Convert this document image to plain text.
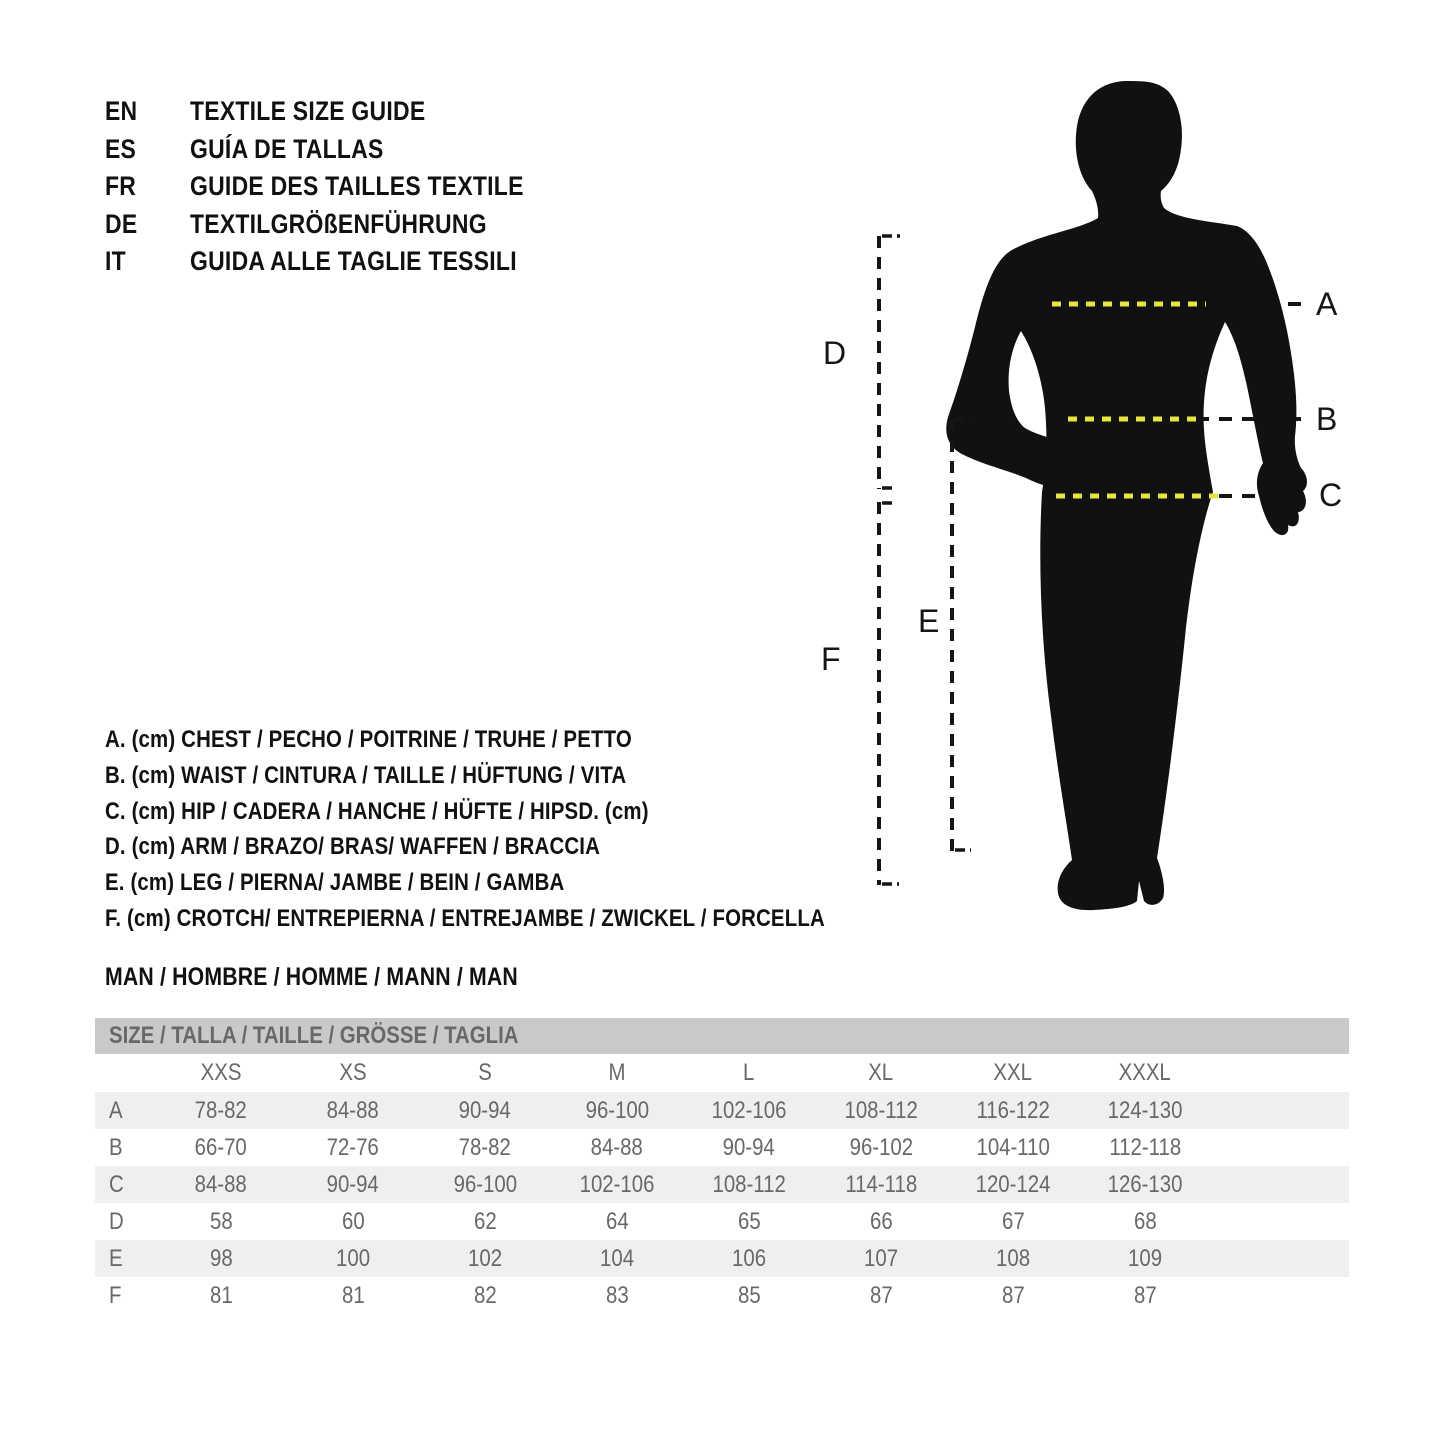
EN TEXTILE SIZE GUIDE
ES GUÍA DE TALLAS
FR GUIDE DES TAILLES TEXTILE
DE TEXTILGRÖßENFÜHRUNG
IT GUIDA ALLE TAGLIE TESSILI
A
B
C
D
E
F
A. (cm) CHEST / PECHO / POITRINE / TRUHE / PETTO
B. (cm) WAIST / CINTURA / TAILLE / HÜFTUNG / VITA
C. (cm) HIP / CADERA / HANCHE / HÜFTE / HIPSD. (cm)
D. (cm) ARM / BRAZO/ BRAS/ WAFFEN / BRACCIA
E. (cm) LEG / PIERNA/ JAMBE / BEIN / GAMBA
F. (cm) CROTCH/ ENTREPIERNA / ENTREJAMBE / ZWICKEL / FORCELLA
MAN / HOMBRE / HOMME / MANN / MAN
SIZE / TALLA / TAILLE / GRÖSSE / TAGLIA
	XXS	XS	S	M	L	XL	XXL	XXXL	
A	78-82	84-88	90-94	96-100	102-106	108-112	116-122	124-130	
B	66-70	72-76	78-82	84-88	90-94	96-102	104-110	112-118	
C	84-88	90-94	96-100	102-106	108-112	114-118	120-124	126-130	
D	58	60	62	64	65	66	67	68	
E	98	100	102	104	106	107	108	109	
F	81	81	82	83	85	87	87	87	
